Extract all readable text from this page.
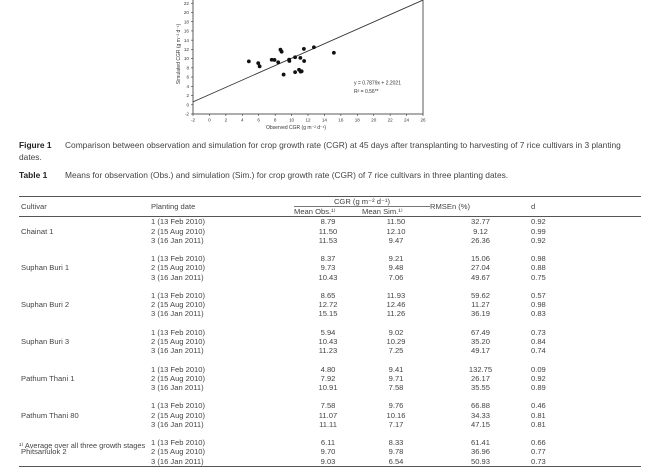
22
20
18
16
14
12
10
8
6
4
2
0
-2
-2	0	2	4	6	8	10 12 14 16 18 20 22 24 26
y = 0.7879x + 2.2021
R² = 0.56**
Observed CGR (g m⁻² d⁻¹)
Simulated CGR (g m⁻² d⁻¹)
Figure 1 Comparison between observation and simulation for crop growth rate (CGR) at 45 days after transplanting to harvesting of 7 rice cultivars in 3 planting dates.
Table 1 Means for observation (Obs.) and simulation (Sim.) for crop growth rate (CGR) of 7 rice cultivars in three planting dates.
Cultivar	Planting date	CGR (g m⁻² d⁻¹)		RMSEn (%)	d
		Mean Obs.¹⁾	Mean Sim.¹⁾		
	1 (13 Feb 2010)	8.79	11.50	32.77	0.92
Chainat 1	2 (15 Aug 2010)	11.50	12.10	9.12	0.99
	3 (16 Jan 2011)	11.53	9.47	26.36	0.92

	1 (13 Feb 2010)	8.37	9.21	15.06	0.98
Suphan Buri 1	2 (15 Aug 2010)	9.73	9.48	27.04	0.88
	3 (16 Jan 2011)	10.43	7.06	49.67	0.75

	1 (13 Feb 2010)	8.65	11.93	59.62	0.57
Suphan Buri 2	2 (15 Aug 2010)	12.72	12.46	11.27	0.98
	3 (16 Jan 2011)	15.15	11.26	36.19	0.83

	1 (13 Feb 2010)	5.94	9.02	67.49	0.73
Suphan Buri 3	2 (15 Aug 2010)	10.43	10.29	35.20	0.84
	3 (16 Jan 2011)	11.23	7.25	49.17	0.74

	1 (13 Feb 2010)	4.80	9.41	132.75	0.09
Pathum Thani 1	2 (15 Aug 2010)	7.92	9.71	26.17	0.92
	3 (16 Jan 2011)	10.91	7.58	35.55	0.89

	1 (13 Feb 2010)	7.58	9.76	66.88	0.46
Pathum Thani 80	2 (15 Aug 2010)	11.07	10.16	34.33	0.81
	3 (16 Jan 2011)	11.11	7.17	47.15	0.81

	1 (13 Feb 2010)	6.11	8.33	61.41	0.66
Phitsanulok 2	2 (15 Aug 2010)	9.70	9.78	36.96	0.77
	3 (16 Jan 2011)	9.03	6.54	50.93	0.73
¹⁾ Average over all three growth stages
